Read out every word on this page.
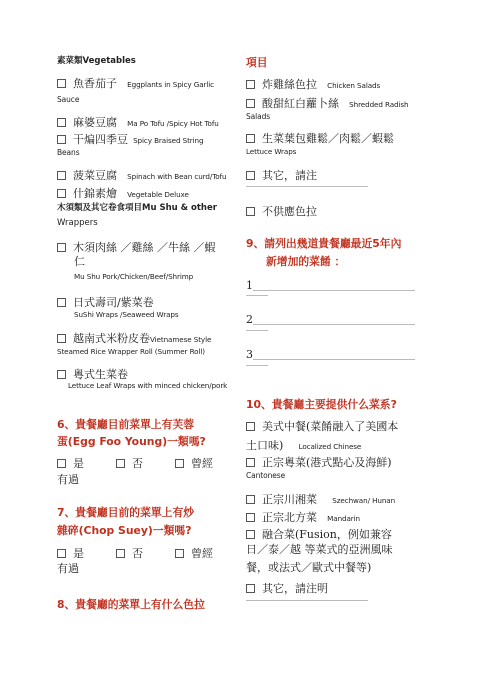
素菜類Vegetables
魚香茄子 Eggplants in Spicy Garlic
Sauce
麻婆豆腐 Ma Po Tofu /Spicy Hot Tofu
干煸四季豆 Spicy Braised String
Beans
菠菜豆腐 Spinach with Bean curd/Tofu
什錦素燴 Vegetable Deluxe
木須類及其它卷食項目Mu Shu & other
Wrappers
木須肉絲 ／雞絲 ／牛絲 ／蝦
仁
Mu Shu Pork/Chicken/Beef/Shrimp
日式壽司/紫菜卷
SuShi Wraps /Seaweed Wraps
越南式米粉皮卷Vietnamese Style
Steamed Rice Wrapper Roll (Summer Roll)
粵式生菜卷
Lettuce Leaf Wraps with minced chicken/pork
6、貴餐廳目前菜單上有芙蓉
蛋(Egg Foo Young)一類嗎?
是	否	曾經
有過
7、貴餐廳目前的菜單上有炒
雜碎(Chop Suey)一類嗎?
是	否	曾經
有過
8、貴餐廳的菜單上有什么色拉
項目
炸雞絲色拉 Chicken Salads
酸甜紅白蘿卜絲 Shredded Radish
Salads
生菜葉包雞鬆／肉鬆／蝦鬆
Lettuce Wraps
其它，請注
不供應色拉
9、請列出幾道貴餐廳最近5年內
新增加的菜餚 ：
1
2
3
10、貴餐廳主要提供什么菜系?
美式中餐(菜餚融入了美國本
土口味) Localized Chinese
正宗粵菜(港式點心及海鮮)
Cantonese
正宗川湘菜 Szechwan/ Hunan
正宗北方菜 Mandarin
融合菜(Fusion，例如兼容
日／泰／越 等菜式的亞洲風味
餐，或法式／歐式中餐等)
其它，請注明
